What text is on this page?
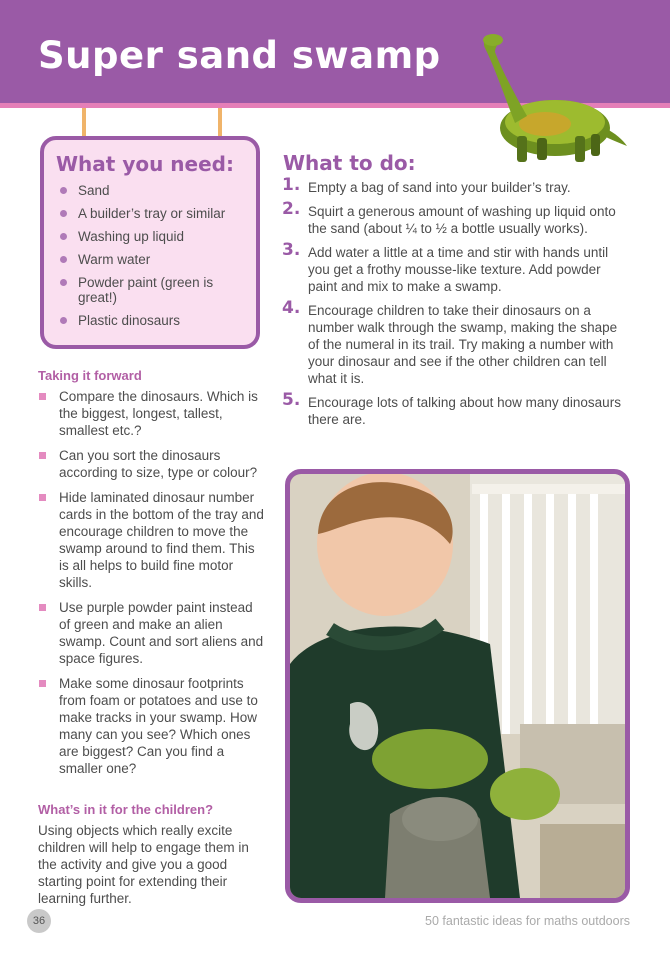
Super sand swamp
What you need:
Sand
A builder’s tray or similar
Washing up liquid
Warm water
Powder paint (green is great!)
Plastic dinosaurs
Taking it forward
Compare the dinosaurs. Which is the biggest, longest, tallest, smallest etc.?
Can you sort the dinosaurs according to size, type or colour?
Hide laminated dinosaur number cards in the bottom of the tray and encourage children to move the swamp around to find them. This is all helps to build fine motor skills.
Use purple powder paint instead of green and make an alien swamp. Count and sort aliens and space figures.
Make some dinosaur footprints from foam or potatoes and use to make tracks in your swamp. How many can you see? Which ones are biggest? Can you find a smaller one?
What’s in it for the children?

Using objects which really excite children will help to engage them in the activity and give you a good starting point for extending their learning further.

What to do:
1. Empty a bag of sand into your builder’s tray.
2. Squirt a generous amount of washing up liquid onto the sand (about ¼ to ½ a bottle usually works).
3. Add water a little at a time and stir with hands until you get a frothy mousse-like texture. Add powder paint and mix to make a swamp.
4. Encourage children to take their dinosaurs on a number walk through the swamp, making the shape of the numeral in its trail. Try making a number with your dinosaur and see if the other children can tell what it is.
5. Encourage lots of talking about how many dinosaurs there are.
36	50 fantastic ideas for maths outdoors
